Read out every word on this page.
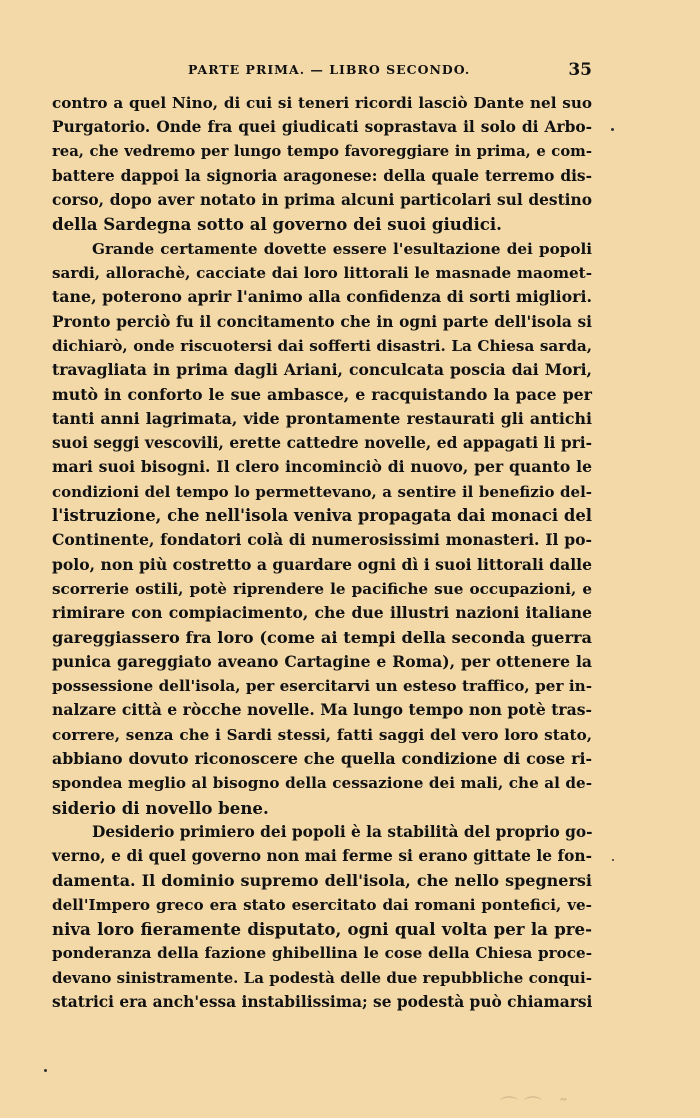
PARTE PRIMA. — LIBRO SECONDO.	35
contro a quel Nino, di cui si teneri ricordi lasciò Dante nel suo
Purgatorio. Onde fra quei giudicati soprastava il solo di Arbo-
rea, che vedremo per lungo tempo favoreggiare in prima, e com-
battere dappoi la signoria aragonese: della quale terremo dis-
corso, dopo aver notato in prima alcuni particolari sul destino
della Sardegna sotto al governo dei suoi giudici.
Grande certamente dovette essere l'esultazione dei popoli
sardi, allorachè, cacciate dai loro littorali le masnade maomet-
tane, poterono aprir l'animo alla confidenza di sorti migliori.
Pronto perciò fu il concitamento che in ogni parte dell'isola si
dichiarò, onde riscuotersi dai sofferti disastri. La Chiesa sarda,
travagliata in prima dagli Ariani, conculcata poscia dai Mori,
mutò in conforto le sue ambasce, e racquistando la pace per
tanti anni lagrimata, vide prontamente restaurati gli antichi
suoi seggi vescovili, erette cattedre novelle, ed appagati li pri-
mari suoi bisogni. Il clero incominciò di nuovo, per quanto le
condizioni del tempo lo permettevano, a sentire il benefizio del-
l'istruzione, che nell'isola veniva propagata dai monaci del
Continente, fondatori colà di numerosissimi monasteri. Il po-
polo, non più costretto a guardare ogni dì i suoi littorali dalle
scorrerie ostili, potè riprendere le pacifiche sue occupazioni, e
rimirare con compiacimento, che due illustri nazioni italiane
gareggiassero fra loro (come ai tempi della seconda guerra
punica gareggiato aveano Cartagine e Roma), per ottenere la
possessione dell'isola, per esercitarvi un esteso traffico, per in-
nalzare città e ròcche novelle. Ma lungo tempo non potè tras-
correre, senza che i Sardi stessi, fatti saggi del vero loro stato,
abbiano dovuto riconoscere che quella condizione di cose ri-
spondea meglio al bisogno della cessazione dei mali, che al de-
siderio di novello bene.
Desiderio primiero dei popoli è la stabilità del proprio go-
verno, e di quel governo non mai ferme si erano gittate le fon-
damenta. Il dominio supremo dell'isola, che nello spegnersi
dell'Impero greco era stato esercitato dai romani pontefici, ve-
niva loro fieramente disputato, ogni qual volta per la pre-
ponderanza della fazione ghibellina le cose della Chiesa proce-
devano sinistramente. La podestà delle due repubbliche conqui-
statrici era anch'essa instabilissima; se podestà può chiamarsi
⌒ ⌒   ˜
